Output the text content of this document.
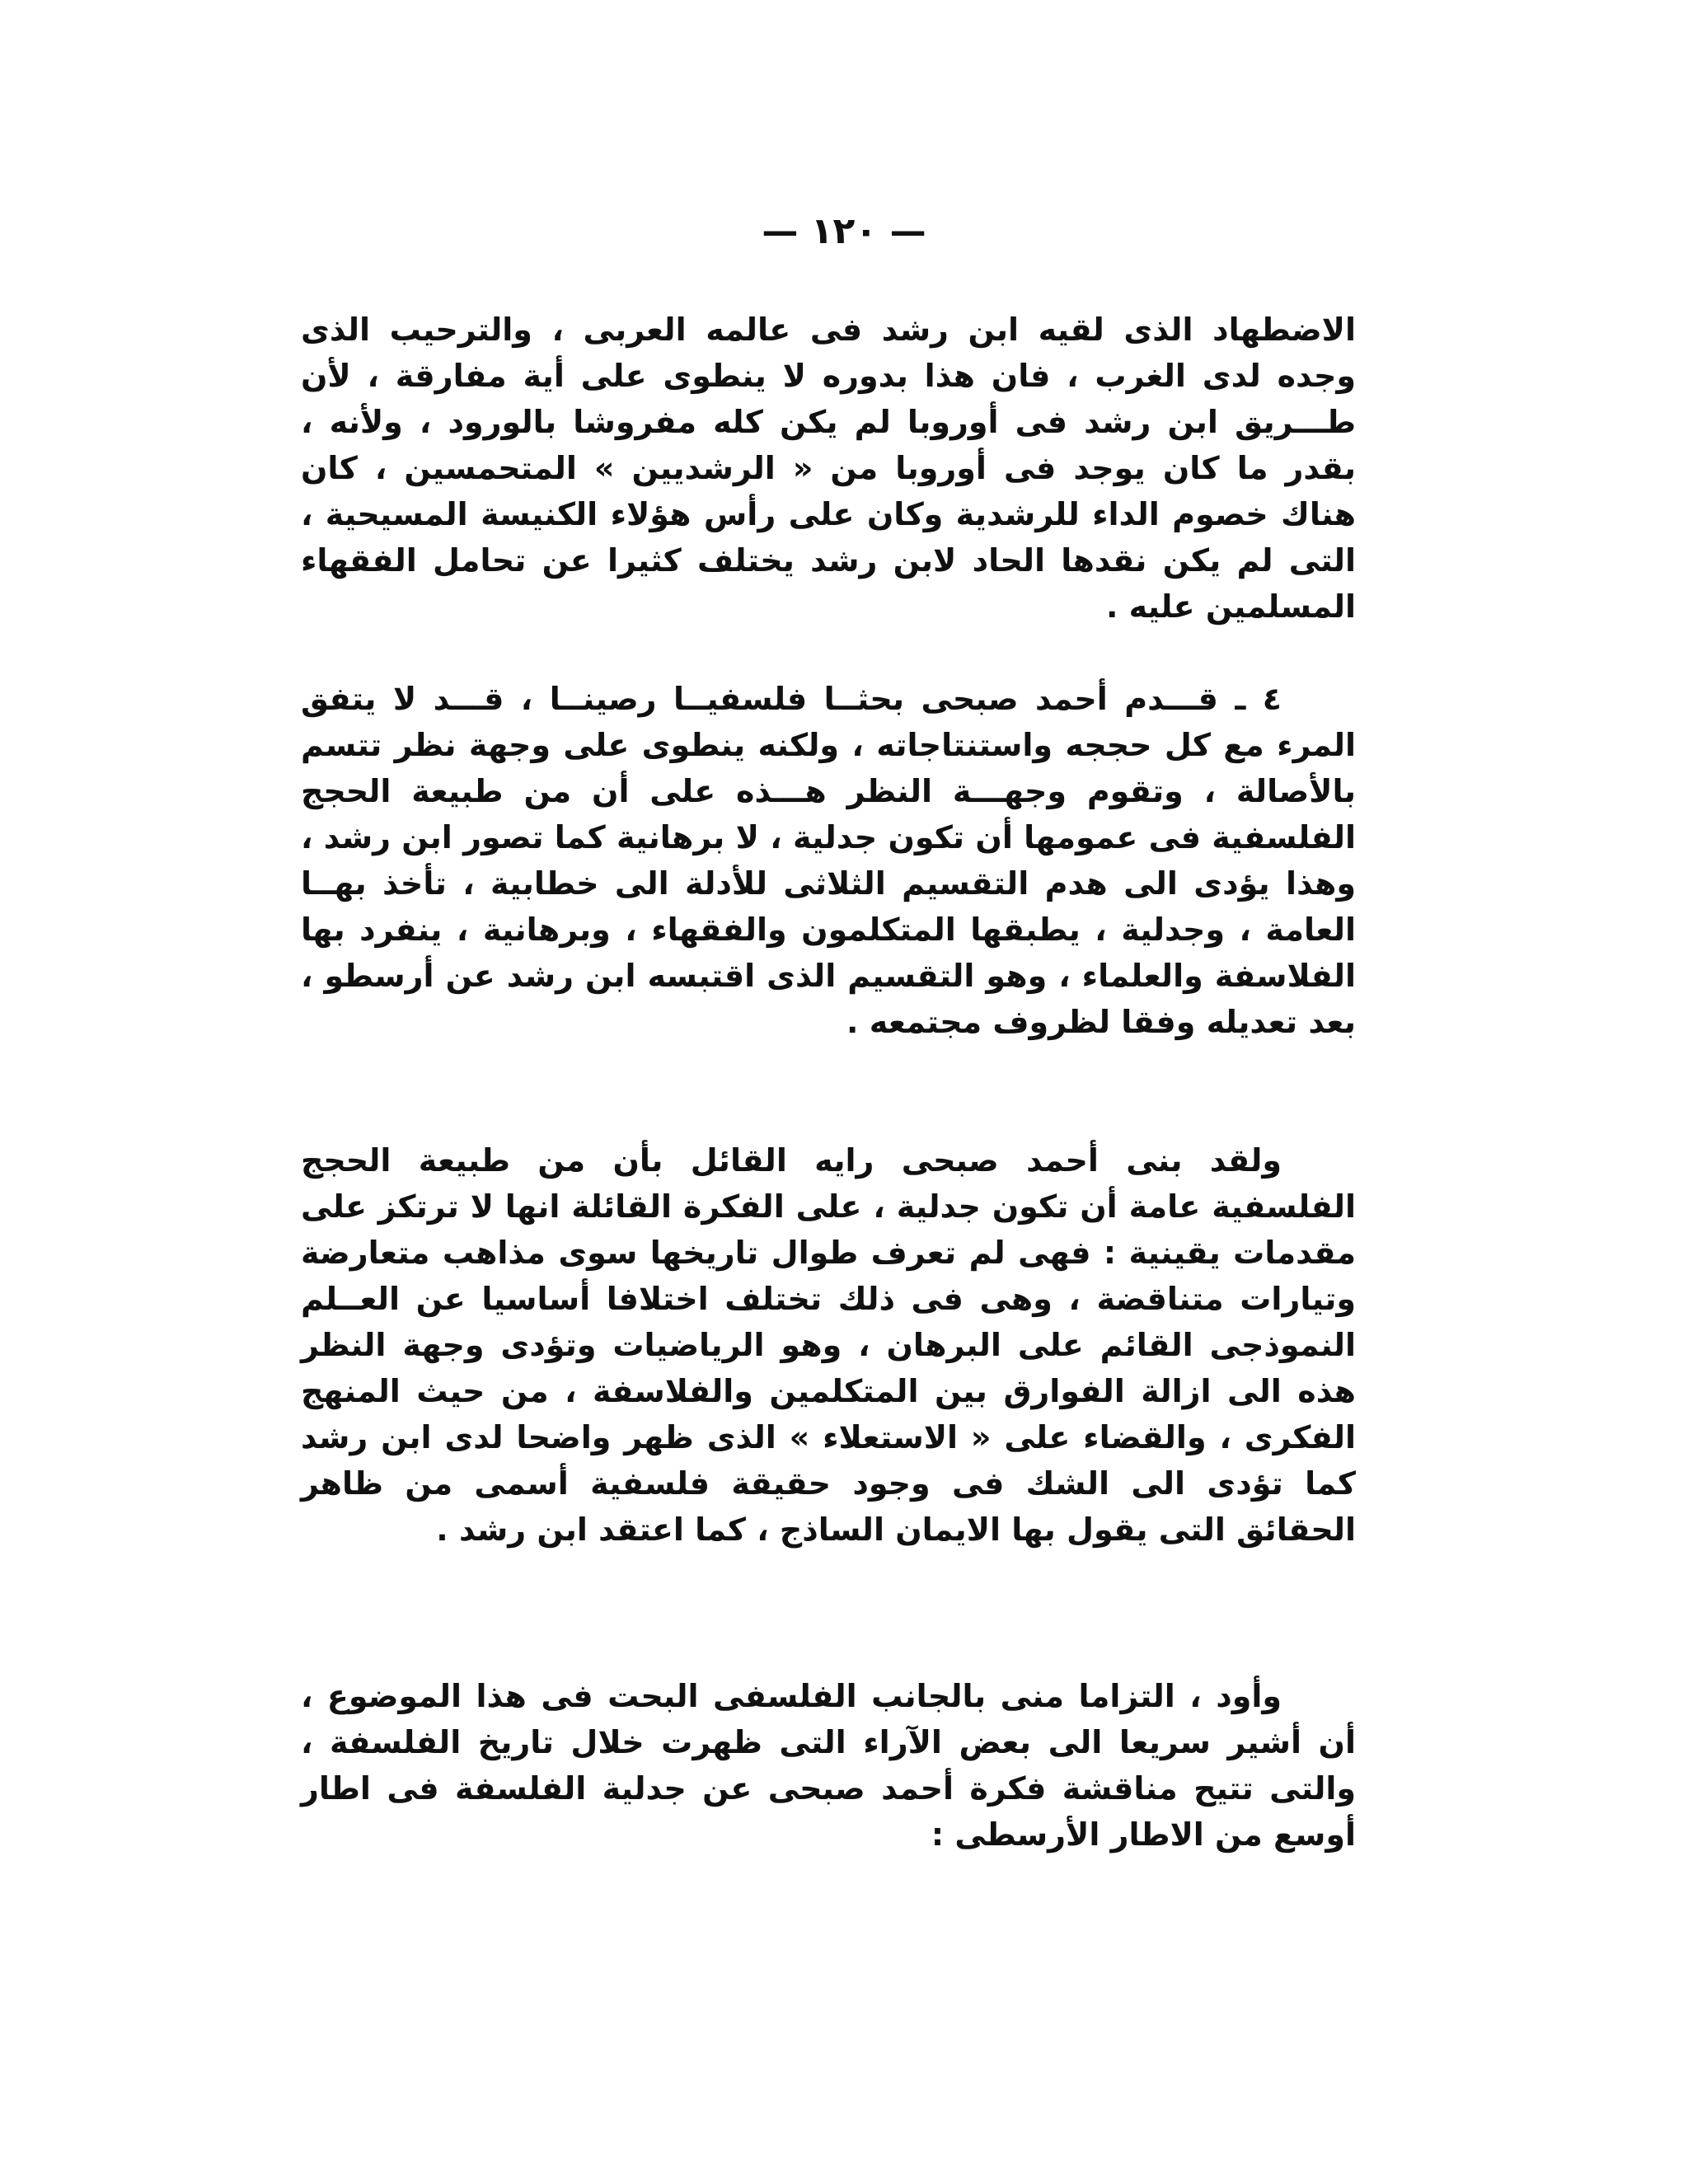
— ١٢٠ —

الاضطهاد الذى لقيه ابن رشد فى عالمه العربى ، والترحيب الذى وجده لدى الغرب ، فان هذا بدوره لا ينطوى على أية مفارقة ، لأن طـــريق ابن رشد فى أوروبا لم يكن كله مفروشا بالورود ، ولأنه ، بقدر ما كان يوجد فى أوروبا من « الرشديين » المتحمسين ، كان هناك خصوم الداء للرشدية وكان على رأس هؤلاء الكنيسة المسيحية ، التى لم يكن نقدها الحاد لابن رشد يختلف كثيرا عن تحامل الفقهاء المسلمين عليه .

٤ ـ قـــدم أحمد صبحى بحثــا فلسفيــا رصينــا ، قـــد لا يتفق المرء مع كل حججه واستنتاجاته ، ولكنه ينطوى على وجهة نظر تتسم بالأصالة ، وتقوم وجهـــة النظر هـــذه على أن من طبيعة الحجج الفلسفية فى عمومها أن تكون جدلية ، لا برهانية كما تصور ابن رشد ، وهذا يؤدى الى هدم التقسيم الثلاثى للأدلة الى خطابية ، تأخذ بهــا العامة ، وجدلية ، يطبقها المتكلمون والفقهاء ، وبرهانية ، ينفرد بها الفلاسفة والعلماء ، وهو التقسيم الذى اقتبسه ابن رشد عن أرسطو ، بعد تعديله وفقا لظروف مجتمعه .

ولقد بنى أحمد صبحى رايه القائل بأن من طبيعة الحجج الفلسفية عامة أن تكون جدلية ، على الفكرة القائلة انها لا ترتكز على مقدمات يقينية : فهى لم تعرف طوال تاريخها سوى مذاهب متعارضة وتيارات متناقضة ، وهى فى ذلك تختلف اختلافا أساسيا عن العــلم النموذجى القائم على البرهان ، وهو الرياضيات وتؤدى وجهة النظر هذه الى ازالة الفوارق بين المتكلمين والفلاسفة ، من حيث المنهج الفكرى ، والقضاء على « الاستعلاء » الذى ظهر واضحا لدى ابن رشد كما تؤدى الى الشك فى وجود حقيقة فلسفية أسمى من ظاهر الحقائق التى يقول بها الايمان الساذج ، كما اعتقد ابن رشد .

وأود ، التزاما منى بالجانب الفلسفى البحت فى هذا الموضوع ، أن أشير سريعا الى بعض الآراء التى ظهرت خلال تاريخ الفلسفة ، والتى تتيح مناقشة فكرة أحمد صبحى عن جدلية الفلسفة فى اطار أوسع من الاطار الأرسطى :
